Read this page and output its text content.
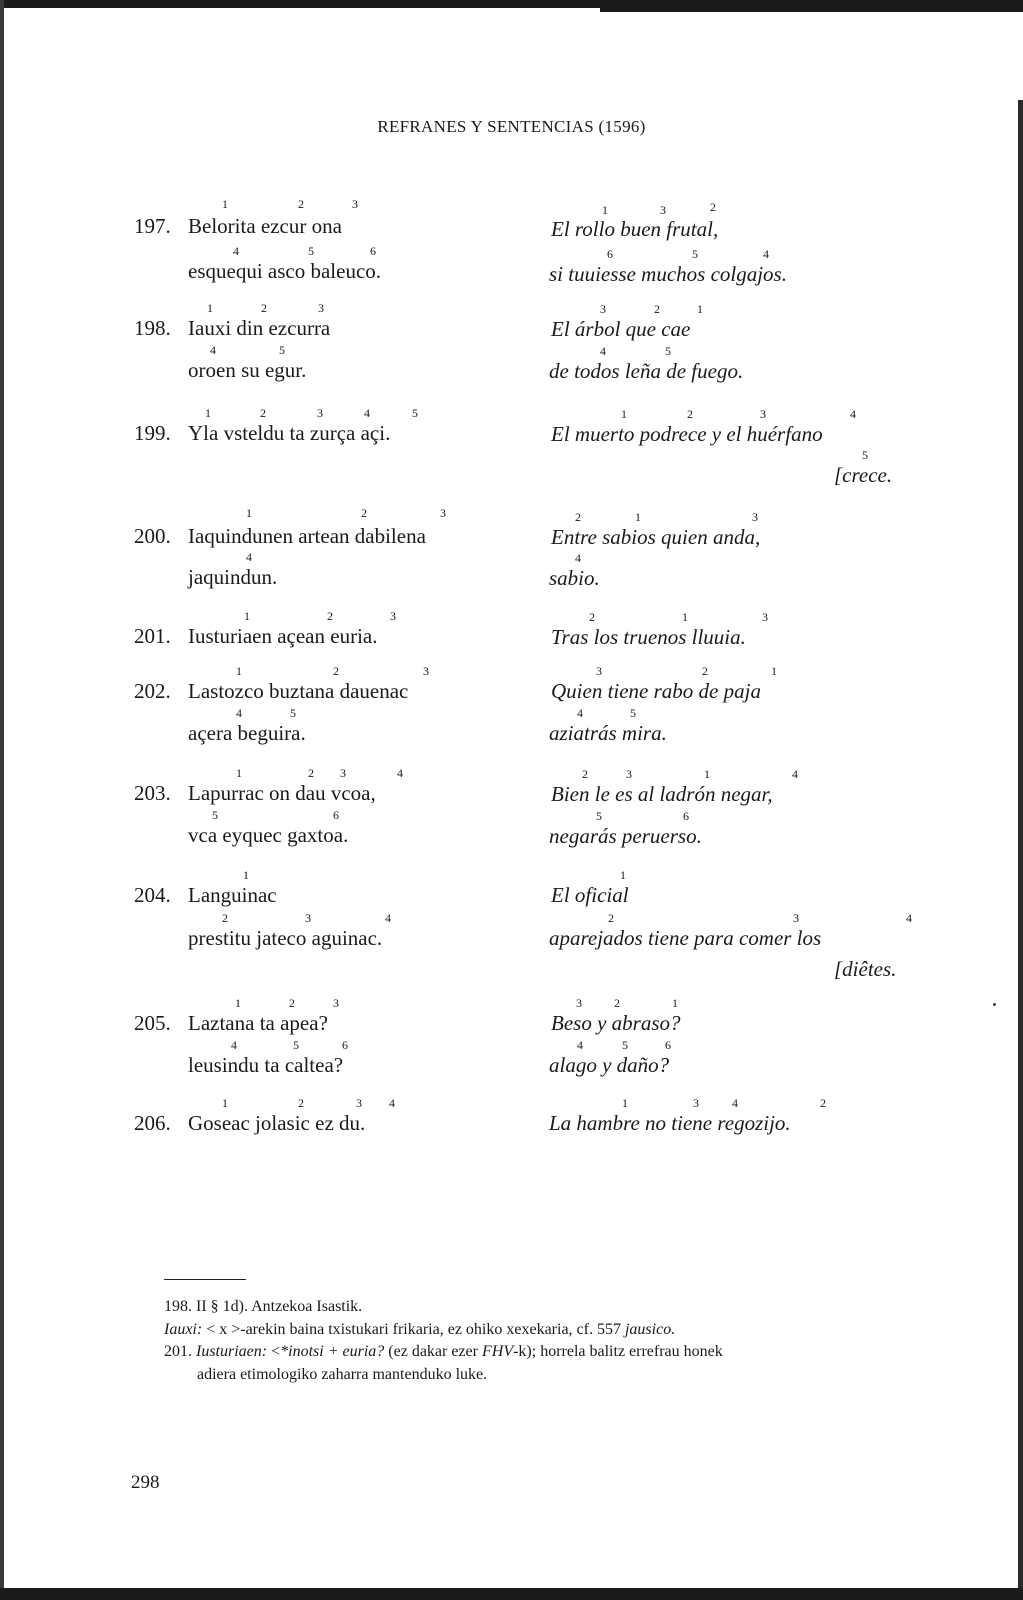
REFRANES Y SENTENCIAS (1596)
1	2	3
197. Belorita ezcur ona
4	5	6
esquequi asco baleuco.
1	3	2
El rollo buen frutal,
6	5	4
si tuuiesse muchos colgajos.
1	2	3
198. Iauxi din ezcurra
4	5
oroen su egur.
3	2	1
El árbol que cae
4	5
de todos leña de fuego.
1	2	3	4	5
199. Yla vsteldu ta zurça açi.
1	2	3	4
El muerto podrece y el huérfano
5
[crece.
1	2	3
200. Iaquindunen artean dabilena
4
jaquindun.
2	1	3
Entre sabios quien anda,
4
sabio.
1	2	3
201. Iusturiaen açean euria.
2	1	3
Tras los truenos lluuia.
1	2	3
202. Lastozco buztana dauenac
4	5
açera beguira.
3	2	1
Quien tiene rabo de paja
4	5
aziatrás mira.
1	2 3	4
203. Lapurrac on dau vcoa,
5	6
vca eyquec gaxtoa.
2	3	1	4
Bien le es al ladrón negar,
5	6
negarás peruerso.
1
204. Languinac
2	3	4
prestitu jateco aguinac.
1
El oficial
2	3	4
aparejados tiene para comer los
[diêtes.
1	2	3
205. Laztana ta apea?
4	5	6
leusindu ta caltea?
3	2	1
Beso y abraso?
4	5	6
alago y daño?
1	2	3 4
206. Goseac jolasic ez du.
1	3	4	2
La hambre no tiene regozijo.
198. II § 1d). Antzekoa Isastik.
Iauxi: < x >-arekin baina txistukari frikaria, ez ohiko xexekaria, cf. 557 jausico.
201. Iusturiaen: <*inotsi + euria? (ez dakar ezer FHV-k); horrela balitz errefrau honek
adiera etimologiko zaharra mantenduko luke.
298
